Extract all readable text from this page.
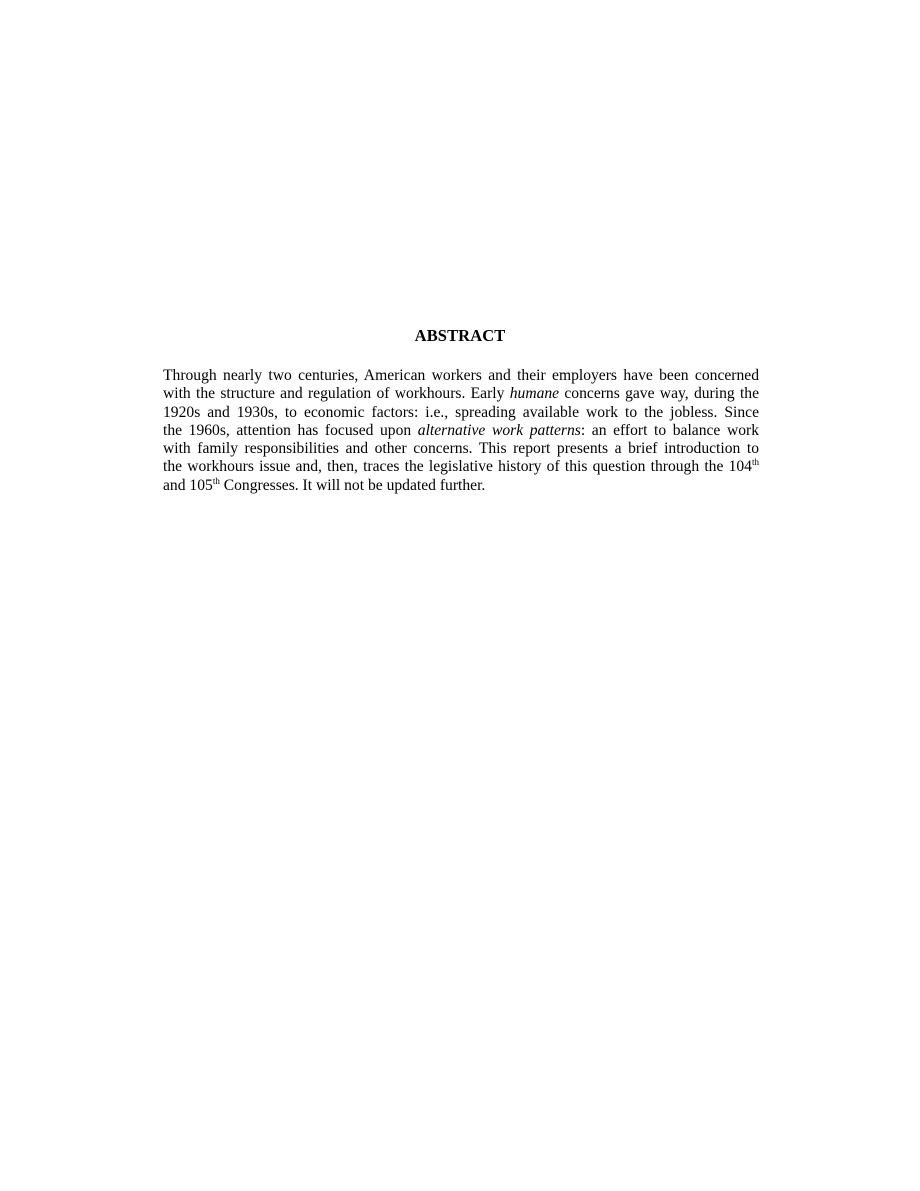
ABSTRACT
Through nearly two centuries, American workers and their employers have been concerned
with the structure and regulation of workhours. Early humane concerns gave way, during the
1920s and 1930s, to economic factors: i.e., spreading available work to the jobless. Since
the 1960s, attention has focused upon alternative work patterns: an effort to balance work
with family responsibilities and other concerns. This report presents a brief introduction to
the workhours issue and, then, traces the legislative history of this question through the 104th
and 105th Congresses. It will not be updated further.
